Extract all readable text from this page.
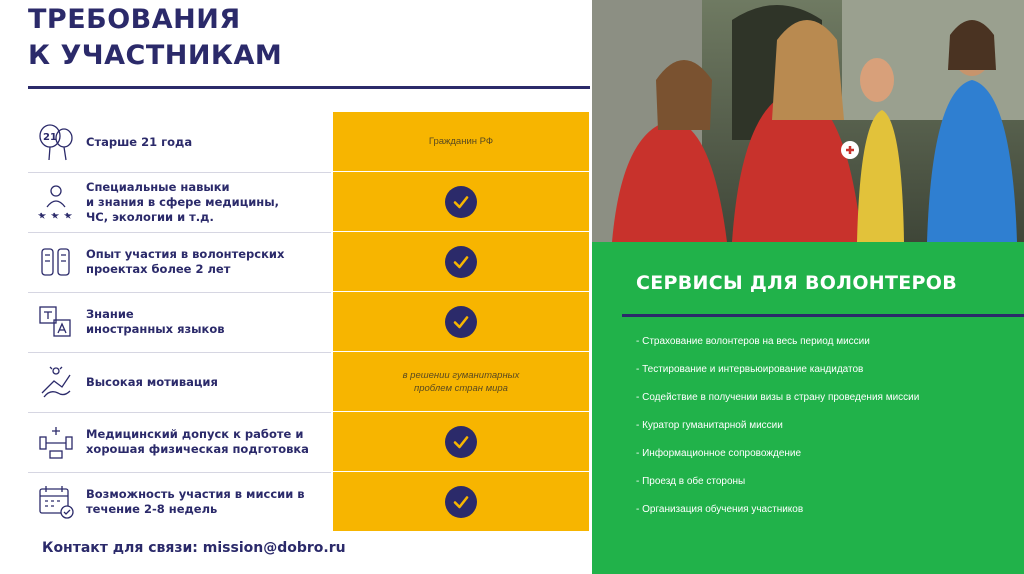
ТРЕБОВАНИЯ
К УЧАСТНИКАМ
21	Старше 21 года	Гражданин РФ
Специальные навыки
и знания в сфере медицины,
ЧС, экологии и т.д.
Опыт участия в волонтерских
проектах более 2 лет
Знание
иностранных языков
Высокая мотивация	в решении гуманитарных
проблем стран мира
Медицинский допуск к работе и
хорошая физическая подготовка
Возможность участия в миссии в
течение 2-8 недель
Контакт для связи: mission@dobro.ru
СЕРВИСЫ ДЛЯ ВОЛОНТЕРОВ
- Страхование волонтеров на весь период миссии
- Тестирование и интервьюирование кандидатов
- Содействие в получении визы в страну проведения миссии
- Куратор гуманитарной миссии
- Информационное сопровождение
- Проезд в обе стороны
- Организация обучения участников
